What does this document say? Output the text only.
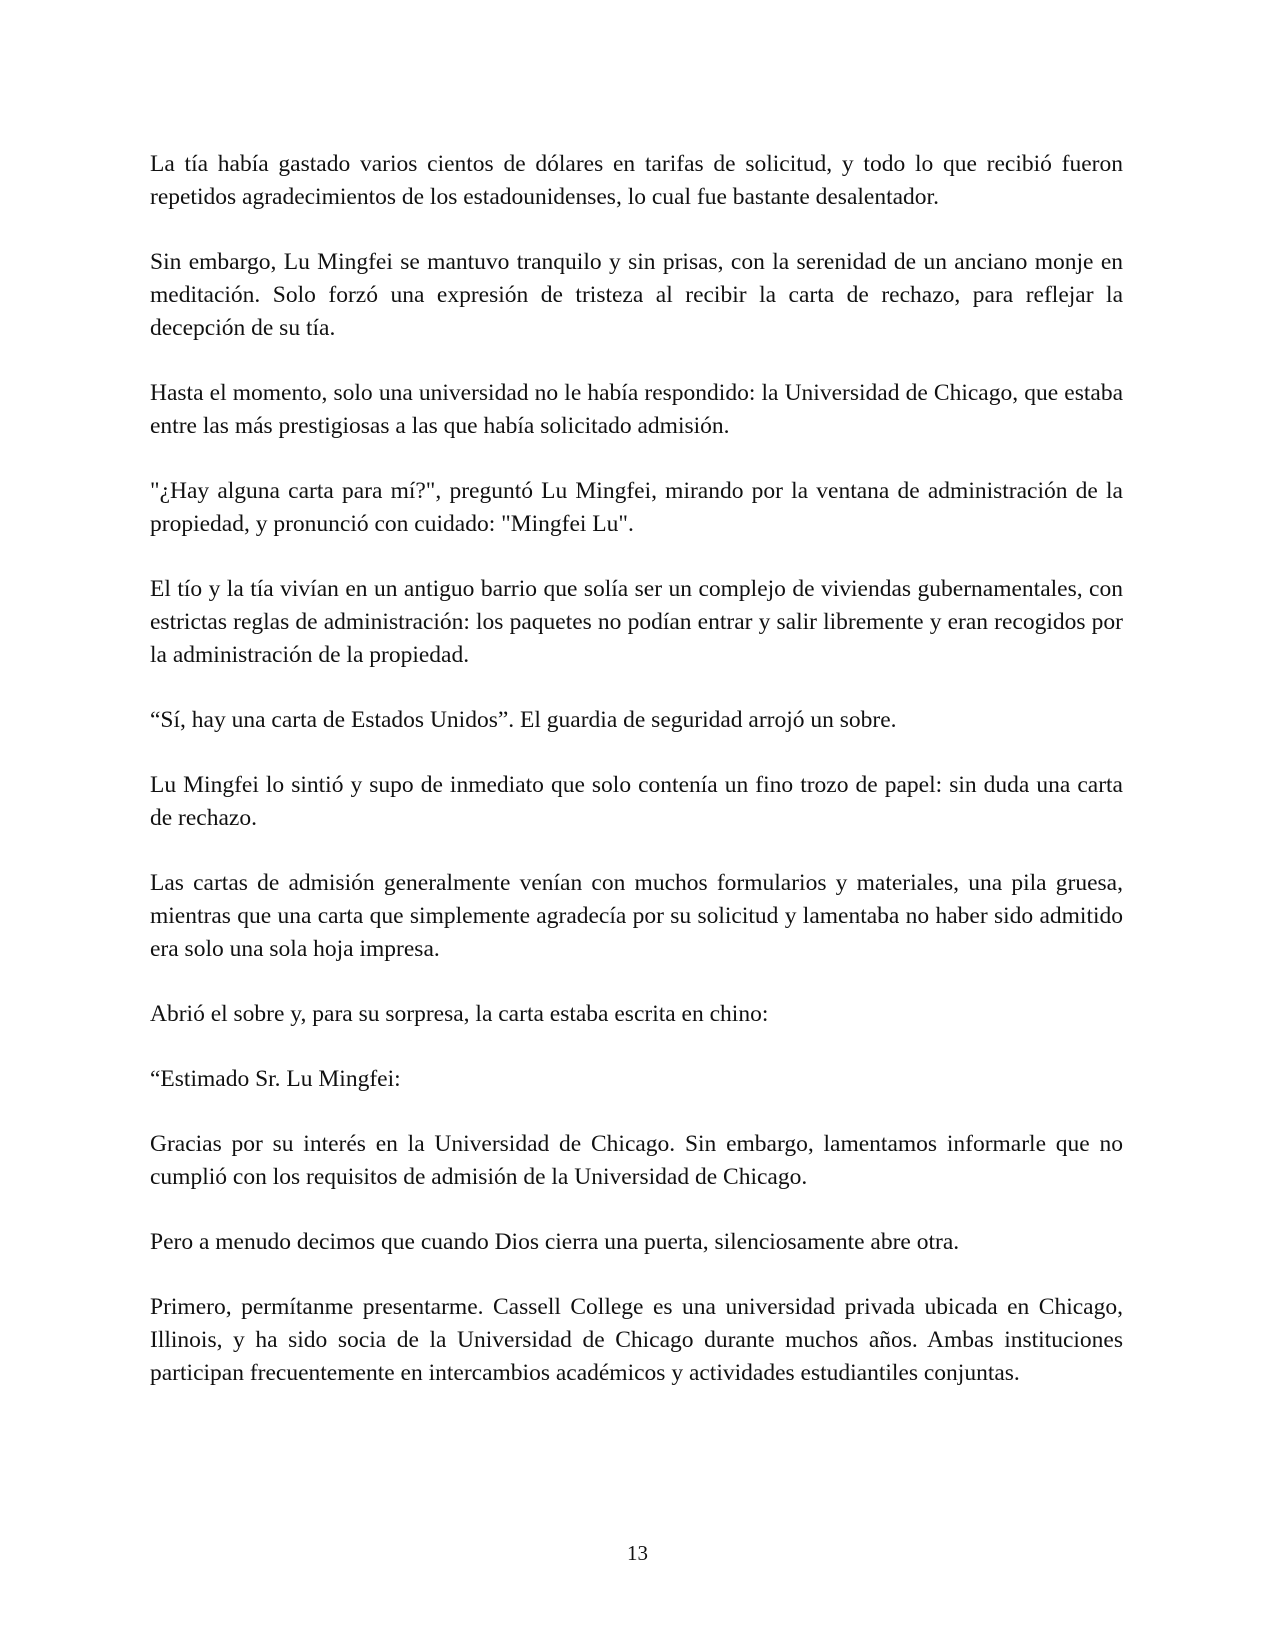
La tía había gastado varios cientos de dólares en tarifas de solicitud, y todo lo que recibió fueron repetidos agradecimientos de los estadounidenses, lo cual fue bastante desalentador.

Sin embargo, Lu Mingfei se mantuvo tranquilo y sin prisas, con la serenidad de un anciano monje en meditación. Solo forzó una expresión de tristeza al recibir la carta de rechazo, para reflejar la decepción de su tía.

Hasta el momento, solo una universidad no le había respondido: la Universidad de Chicago, que estaba entre las más prestigiosas a las que había solicitado admisión.

"¿Hay alguna carta para mí?", preguntó Lu Mingfei, mirando por la ventana de administración de la propiedad, y pronunció con cuidado: "Mingfei Lu".

El tío y la tía vivían en un antiguo barrio que solía ser un complejo de viviendas gubernamentales, con estrictas reglas de administración: los paquetes no podían entrar y salir libremente y eran recogidos por la administración de la propiedad.

“Sí, hay una carta de Estados Unidos”. El guardia de seguridad arrojó un sobre.

Lu Mingfei lo sintió y supo de inmediato que solo contenía un fino trozo de papel: sin duda una carta de rechazo.

Las cartas de admisión generalmente venían con muchos formularios y materiales, una pila gruesa, mientras que una carta que simplemente agradecía por su solicitud y lamentaba no haber sido admitido era solo una sola hoja impresa.

Abrió el sobre y, para su sorpresa, la carta estaba escrita en chino:

“Estimado Sr. Lu Mingfei:

Gracias por su interés en la Universidad de Chicago. Sin embargo, lamentamos informarle que no cumplió con los requisitos de admisión de la Universidad de Chicago.

Pero a menudo decimos que cuando Dios cierra una puerta, silenciosamente abre otra.

Primero, permítanme presentarme. Cassell College es una universidad privada ubicada en Chicago, Illinois, y ha sido socia de la Universidad de Chicago durante muchos años. Ambas instituciones participan frecuentemente en intercambios académicos y actividades estudiantiles conjuntas.

13
